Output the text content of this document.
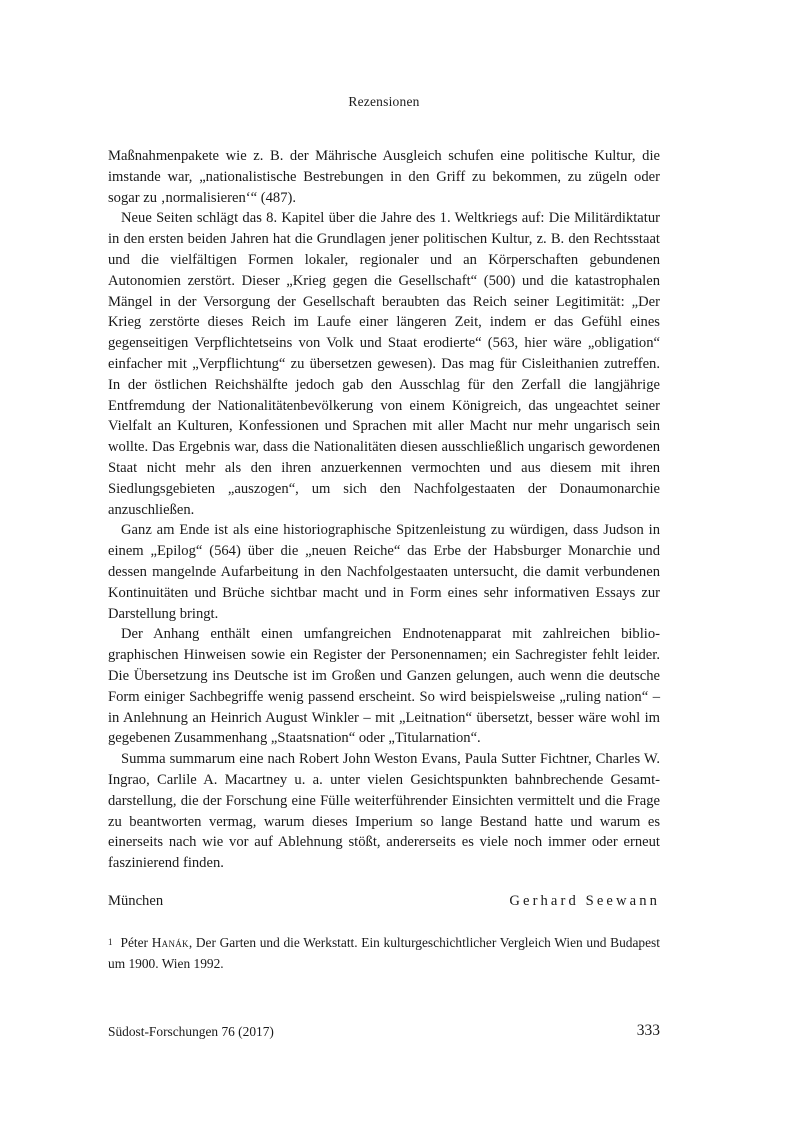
Rezensionen

Maßnahmenpakete wie z. B. der Mährische Ausgleich schufen eine politische Kultur, die imstande war, „nationalistische Bestrebungen in den Griff zu bekommen, zu zügeln oder sogar zu ‚normalisieren‘“ (487).

Neue Seiten schlägt das 8. Kapitel über die Jahre des 1. Weltkriegs auf: Die Militärdiktatur in den ersten beiden Jahren hat die Grundlagen jener politischen Kultur, z. B. den Rechtsstaat und die vielfältigen Formen lokaler, regionaler und an Körperschaften gebundenen Autonomien zerstört. Dieser „Krieg gegen die Gesellschaft“ (500) und die katastrophalen Mängel in der Versorgung der Gesellschaft beraubten das Reich seiner Legitimität: „Der Krieg zerstörte dieses Reich im Laufe einer längeren Zeit, indem er das Gefühl eines gegenseitigen Verpflichtetseins von Volk und Staat erodierte“ (563, hier wäre „obligation“ einfacher mit „Verpflichtung“ zu übersetzen gewesen). Das mag für Cisleithanien zutreffen. In der östlichen Reichshälfte jedoch gab den Ausschlag für den Zerfall die langjährige Entfremdung der Nationalitätenbevölkerung von einem Königreich, das ungeachtet seiner Vielfalt an Kulturen, Konfessionen und Sprachen mit aller Macht nur mehr ungarisch sein wollte. Das Ergebnis war, dass die Nationalitäten diesen ausschließlich ungarisch gewordenen Staat nicht mehr als den ihren anzuerkennen vermochten und aus diesem mit ihren Siedlungsgebieten „auszogen“, um sich den Nachfolgestaaten der Donaumonarchie anzuschließen.

Ganz am Ende ist als eine historiographische Spitzenleistung zu würdigen, dass Judson in einem „Epilog“ (564) über die „neuen Reiche“ das Erbe der Habsburger Monarchie und dessen mangelnde Aufarbeitung in den Nachfolgestaaten untersucht, die damit verbundenen Kontinuitäten und Brüche sichtbar macht und in Form eines sehr informativen Essays zur Darstellung bringt.

Der Anhang enthält einen umfangreichen Endnotenapparat mit zahlreichen bibliographischen Hinweisen sowie ein Register der Personennamen; ein Sachregister fehlt leider. Die Übersetzung ins Deutsche ist im Großen und Ganzen gelungen, auch wenn die deutsche Form einiger Sachbegriffe wenig passend erscheint. So wird beispielsweise „ruling nation“ – in Anlehnung an Heinrich August Winkler – mit „Leitnation“ übersetzt, besser wäre wohl im gegebenen Zusammenhang „Staatsnation“ oder „Titularnation“.

Summa summarum eine nach Robert John Weston Evans, Paula Sutter Fichtner, Charles W. Ingrao, Carlile A. Macartney u. a. unter vielen Gesichtspunkten bahnbrechende Gesamtdarstellung, die der Forschung eine Fülle weiterführender Einsichten vermittelt und die Frage zu beantworten vermag, warum dieses Imperium so lange Bestand hatte und warum es einerseits nach wie vor auf Ablehnung stößt, andererseits es viele noch immer oder erneut faszinierend finden.

München	Gerhard Seewann
$^1$ Péter Hanák, Der Garten und die Werkstatt. Ein kulturgeschichtlicher Vergleich Wien und Budapest um 1900. Wien 1992.
Südost-Forschungen 76 (2017)	333
